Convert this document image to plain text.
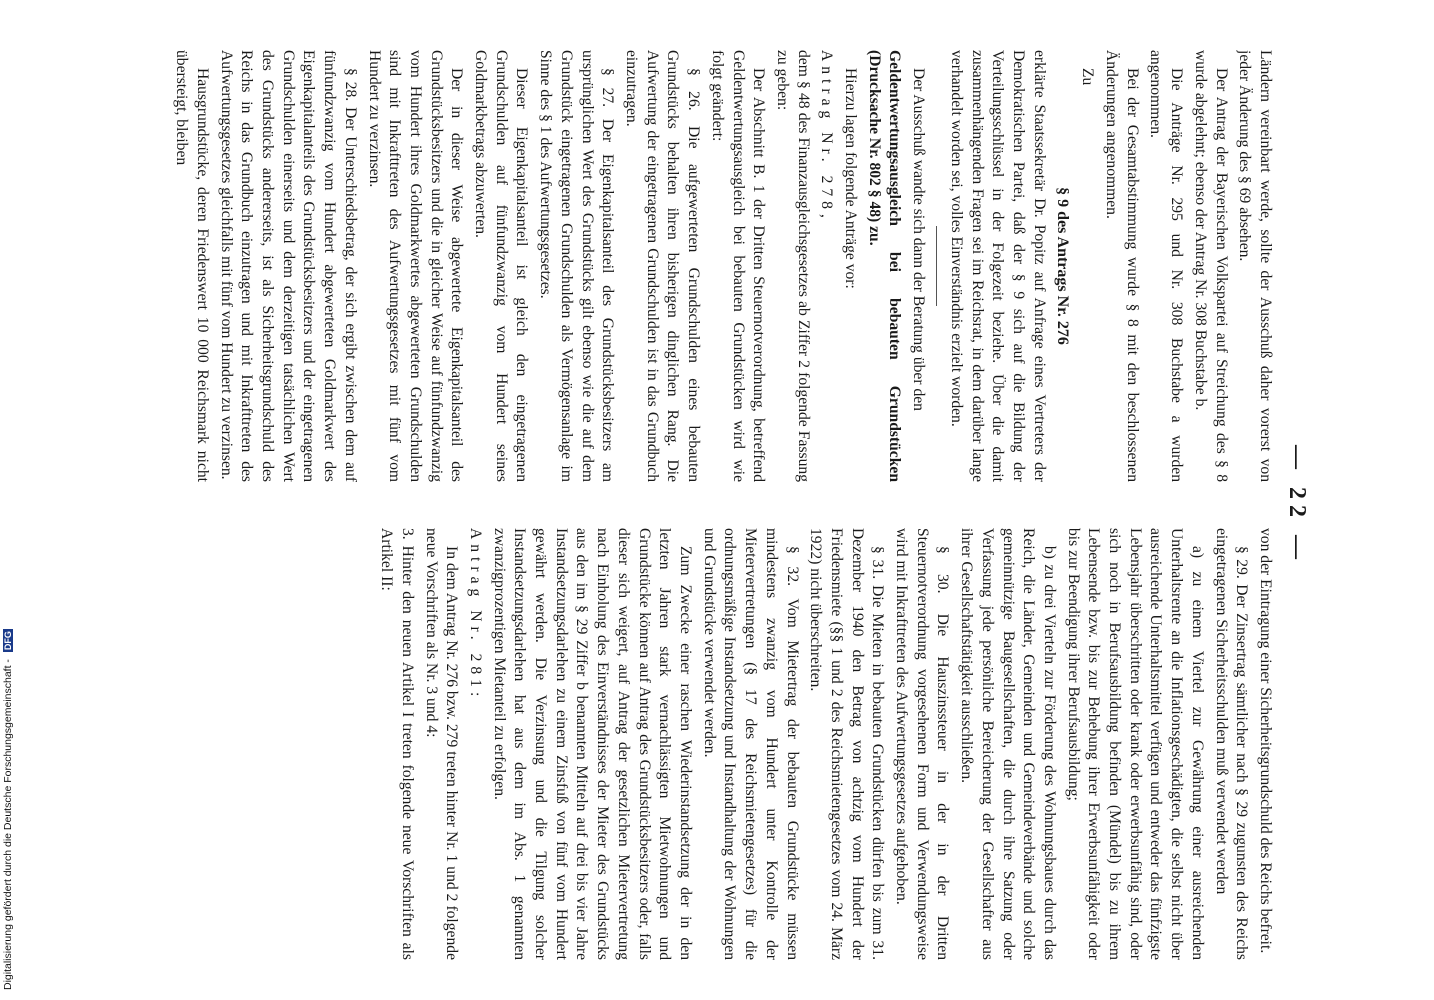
— 22 —

Ländern vereinbart werde, sollte der Ausschuß daher vorerst von jeder Änderung des § 69 absehen.

Der Antrag der Bayerischen Volkspartei auf Streichung des § 8 wurde abgelehnt; ebenso der Antrag Nr. 308 Buchstabe b.

Die Anträge Nr. 295 und Nr. 308 Buchstabe a wurden angenommen.

Bei der Gesamtabstimmung wurde § 8 mit den beschlossenen Änderungen angenommen.

Zu

§ 9 des Antrags Nr. 276

erklärte Staatssekretär Dr. Popitz auf Anfrage eines Vertreters der Demokratischen Partei, daß der § 9 sich auf die Bildung der Verteilungsschlüssel in der Folgezeit beziehe. Über die damit zusammenhängenden Fragen sei im Reichsrat, in dem darüber lange verhandelt worden sei, volles Einverständnis erzielt worden.

Der Ausschuß wandte sich dann der Beratung über den

Geldentwertungsausgleich bei bebauten Grundstücken (Drucksache Nr. 802 § 48) zu.

Hierzu lagen folgende Anträge vor:

Antrag Nr. 278,

dem § 48 des Finanzausgleichsgesetzes ab Ziffer 2 folgende Fassung zu geben:

Der Abschnitt B. 1 der Dritten Steuernotverordnung, betreffend Geldentwertungsausgleich bei bebauten Grundstücken wird wie folgt geändert:

§ 26. Die aufgewerteten Grundschulden eines bebauten Grundstücks behalten ihren bisherigen dinglichen Rang. Die Aufwertung der eingetragenen Grundschulden ist in das Grundbuch einzutragen.

§ 27. Der Eigenkapitalsanteil des Grundstücksbesitzers am ursprünglichen Wert des Grundstücks gilt ebenso wie die auf dem Grundstück eingetragenen Grundschulden als Vermögensanlage im Sinne des § 1 des Aufwertungsgesetzes.

Dieser Eigenkapitalsanteil ist gleich den eingetragenen Grundschulden auf fünfundzwanzig vom Hundert seines Goldmarkbetrags abzuwerten.

Der in dieser Weise abgewertete Eigenkapitalsanteil des Grundstücksbesitzers und die in gleicher Weise auf fünfundzwanzig vom Hundert ihres Goldmarkwertes abgewerteten Grundschulden sind mit Inkrafttreten des Aufwertungsgesetzes mit fünf vom Hundert zu verzinsen.

§ 28. Der Unterschiedsbetrag, der sich ergibt zwischen dem auf fünfundzwanzig vom Hundert abgewerteten Goldmarkwert des Eigenkapitalanteils des Grundstücksbesitzers und der eingetragenen Grundschulden einerseits und dem derzeitigen tatsächlichen Wert des Grundstücks andererseits, ist als Sicherheitsgrundschuld des Reichs in das Grundbuch einzutragen und mit Inkrafttreten des Aufwertungsgesetzes gleichfalls mit fünf vom Hundert zu verzinsen.

Hausgrundstücke, deren Friedenswert 10 000 Reichsmark nicht übersteigt, bleiben

von der Eintragung einer Sicherheitsgrundschuld des Reichs befreit.

§ 29. Der Zinsertrag sämtlicher nach § 29 zugunsten des Reichs eingetragenen Sicherheitsschulden muß verwendet werden

a) zu einem Viertel zur Gewährung einer ausreichenden Unterhaltsrente an die Inflationsgeschädigten, die selbst nicht über ausreichende Unterhaltsmittel verfügen und entweder das fünfzigste Lebensjahr überschritten oder krank oder erwerbsunfähig sind, oder sich noch in Berufsausbildung befinden (Mündel) bis zu ihrem Lebensende bzw. bis zur Behebung ihrer Erwerbsunfähigkeit oder bis zur Beendigung ihrer Berufsausbildung;

b) zu drei Vierteln zur Förderung des Wohnungsbaues durch das Reich, die Länder, Gemeinden und Gemeindeverbände und solche gemeinnützige Baugesellschaften, die durch ihre Satzung oder Verfassung jede persönliche Bereicherung der Gesellschafter aus ihrer Gesellschaftstätigkeit ausschließen.

§ 30. Die Hauszinssteuer in der in der Dritten Steuernotverordnung vorgesehenen Form und Verwendungsweise wird mit Inkrafttreten des Aufwertungsgesetzes aufgehoben.

§ 31. Die Mieten in bebauten Grundstücken dürfen bis zum 31. Dezember 1940 den Betrag von achtzig vom Hundert der Friedensmiete (§§ 1 und 2 des Reichsmietengesetzes vom 24. März 1922) nicht überschreiten.

§ 32. Vom Mietertrag der bebauten Grundstücke müssen mindestens zwanzig vom Hundert unter Kontrolle der Mietervertretungen (§ 17 des Reichsmietengesetzes) für die ordnungsmäßige Instandsetzung und Instandhaltung der Wohnungen und Grundstücke verwendet werden.

Zum Zwecke einer raschen Wiederinstandsetzung der in den letzten Jahren stark vernachlässigten Mietwohnungen und Grundstücke können auf Antrag des Grundstücksbesitzers oder, falls dieser sich weigert, auf Antrag der gesetzlichen Mietervertretung nach Einholung des Einverständnisses der Mieter des Grundstücks aus den im § 29 Ziffer b benannten Mitteln auf drei bis vier Jahre Instandsetzungsdarlehen zu einem Zinsfuß von fünf vom Hundert gewährt werden. Die Verzinsung und die Tilgung solcher Instandsetzungsdarlehen hat aus dem im Abs. 1 genannten zwanzigprozentigen Mietanteil zu erfolgen.

Antrag Nr. 281:

In dem Antrag Nr. 276 bzw. 279 treten hinter Nr. 1 und 2 folgende neue Vorschriften als Nr. 3 und 4:

3. Hinter den neuen Artikel I treten folgende neue Vorschriften als Artikel II:

Digitalisierung gefördert durch die Deutsche Forschungsgemeinschaft - DFG
